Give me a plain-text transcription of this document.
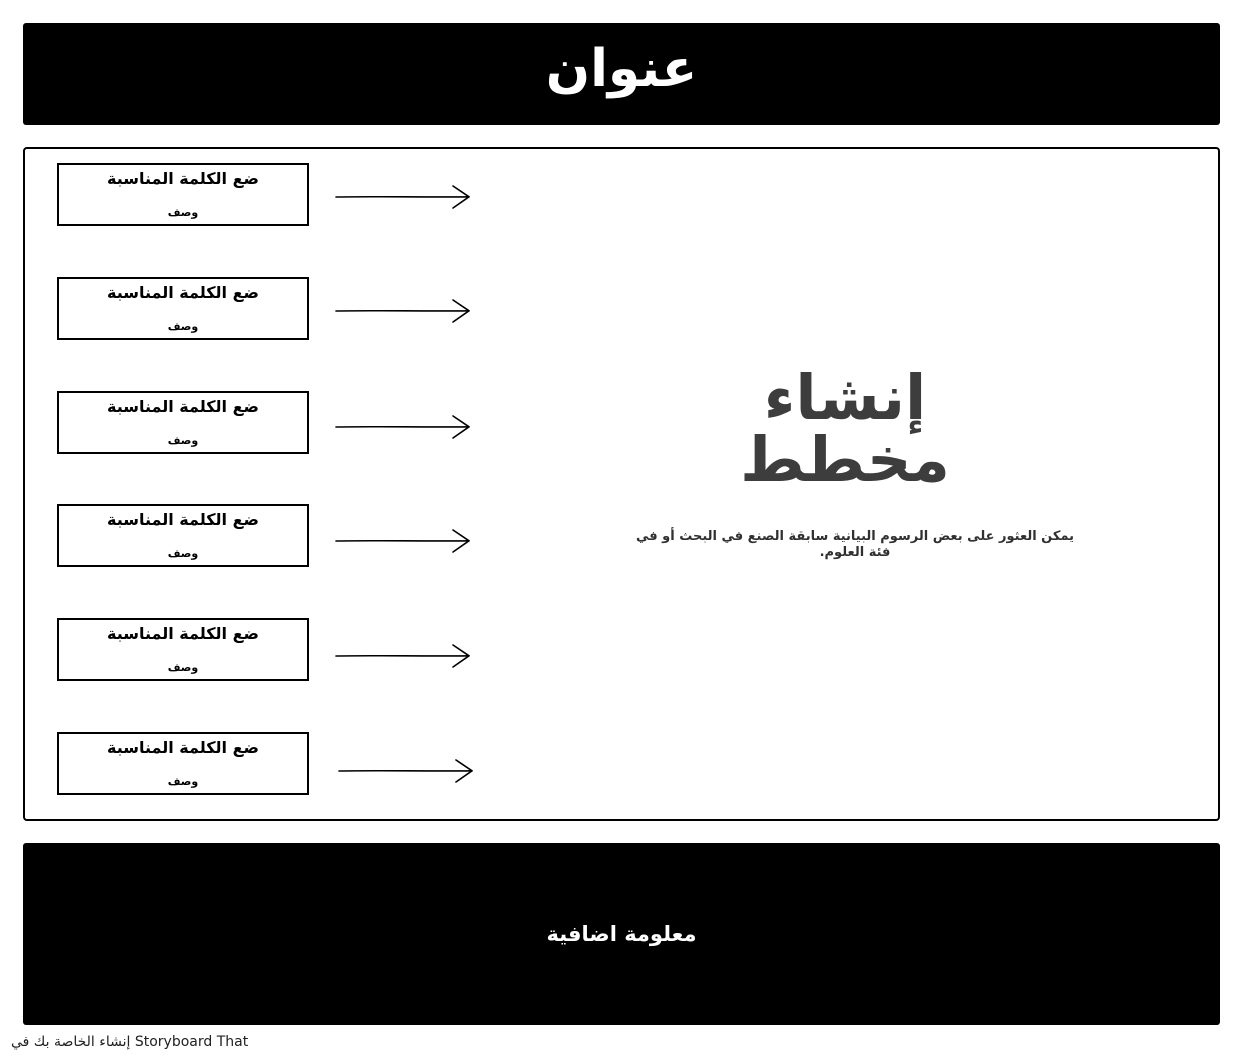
عنوان
ضع الكلمة المناسبة
وصف
ضع الكلمة المناسبة
وصف
ضع الكلمة المناسبة
وصف
ضع الكلمة المناسبة
وصف
ضع الكلمة المناسبة
وصف
ضع الكلمة المناسبة
وصف
إنشاء مخطط
يمكن العثور على بعض الرسوم البيانية سابقة الصنع في البحث أو في فئة العلوم.
معلومة اضافية
إنشاء الخاصة بك في Storyboard That
